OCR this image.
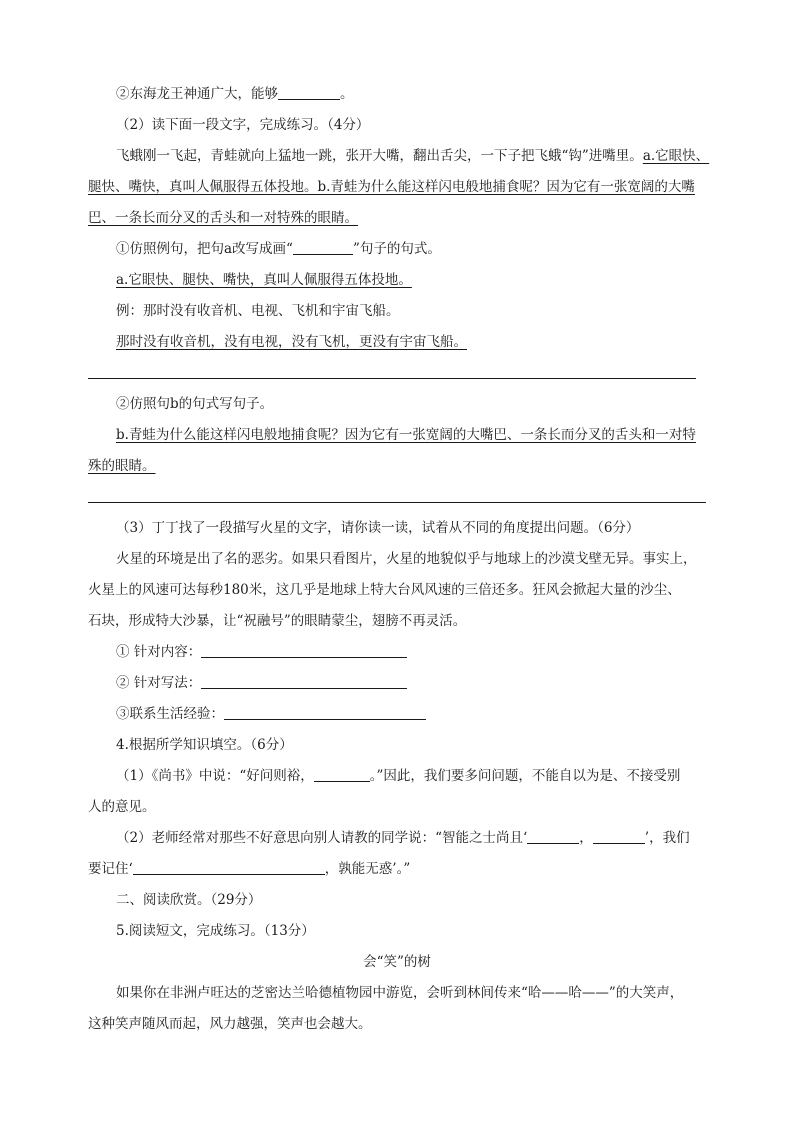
②东海龙王神通广大，能够	。
（2）读下面一段文字，完成练习。（4分）
飞蛾刚一飞起，青蛙就向上猛地一跳，张开大嘴，翻出舌尖，一下子把飞蛾“钩”进嘴里。a.它眼快、
腿快、嘴快，真叫人佩服得五体投地。b.青蛙为什么能这样闪电般地捕食呢？因为它有一张宽阔的大嘴
巴、一条长而分叉的舌头和一对特殊的眼睛。
①仿照例句，把句a改写成画“	”句子的句式。
a.它眼快、腿快、嘴快，真叫人佩服得五体投地。
例：那时没有收音机、电视、飞机和宇宙飞船。
那时没有收音机，没有电视，没有飞机，更没有宇宙飞船。
②仿照句b的句式写句子。
b.青蛙为什么能这样闪电般地捕食呢？因为它有一张宽阔的大嘴巴、一条长而分叉的舌头和一对特
殊的眼睛。
（3）丁丁找了一段描写火星的文字，请你读一读，试着从不同的角度提出问题。（6分）
火星的环境是出了名的恶劣。如果只看图片，火星的地貌似乎与地球上的沙漠戈壁无异。事实上，
火星上的风速可达每秒180米，这几乎是地球上特大台风风速的三倍还多。狂风会掀起大量的沙尘、
石块，形成特大沙暴，让“祝融号”的眼睛蒙尘，翅膀不再灵活。
① 针对内容：
② 针对写法：
③联系生活经验：
4.根据所学知识填空。（6分）
（1）《尚书》中说：“好问则裕，	。”因此，我们要多问问题，不能自以为是、不接受别
人的意见。
（2）老师经常对那些不好意思向别人请教的同学说：“智能之士尚且‘	，	’，我们
要记住‘	，孰能无惑’。”
二、阅读欣赏。（29分）
5.阅读短文，完成练习。（13分）
会“笑”的树
如果你在非洲卢旺达的芝密达兰哈德植物园中游览，会听到林间传来“哈——哈——”的大笑声，
这种笑声随风而起，风力越强，笑声也会越大。
